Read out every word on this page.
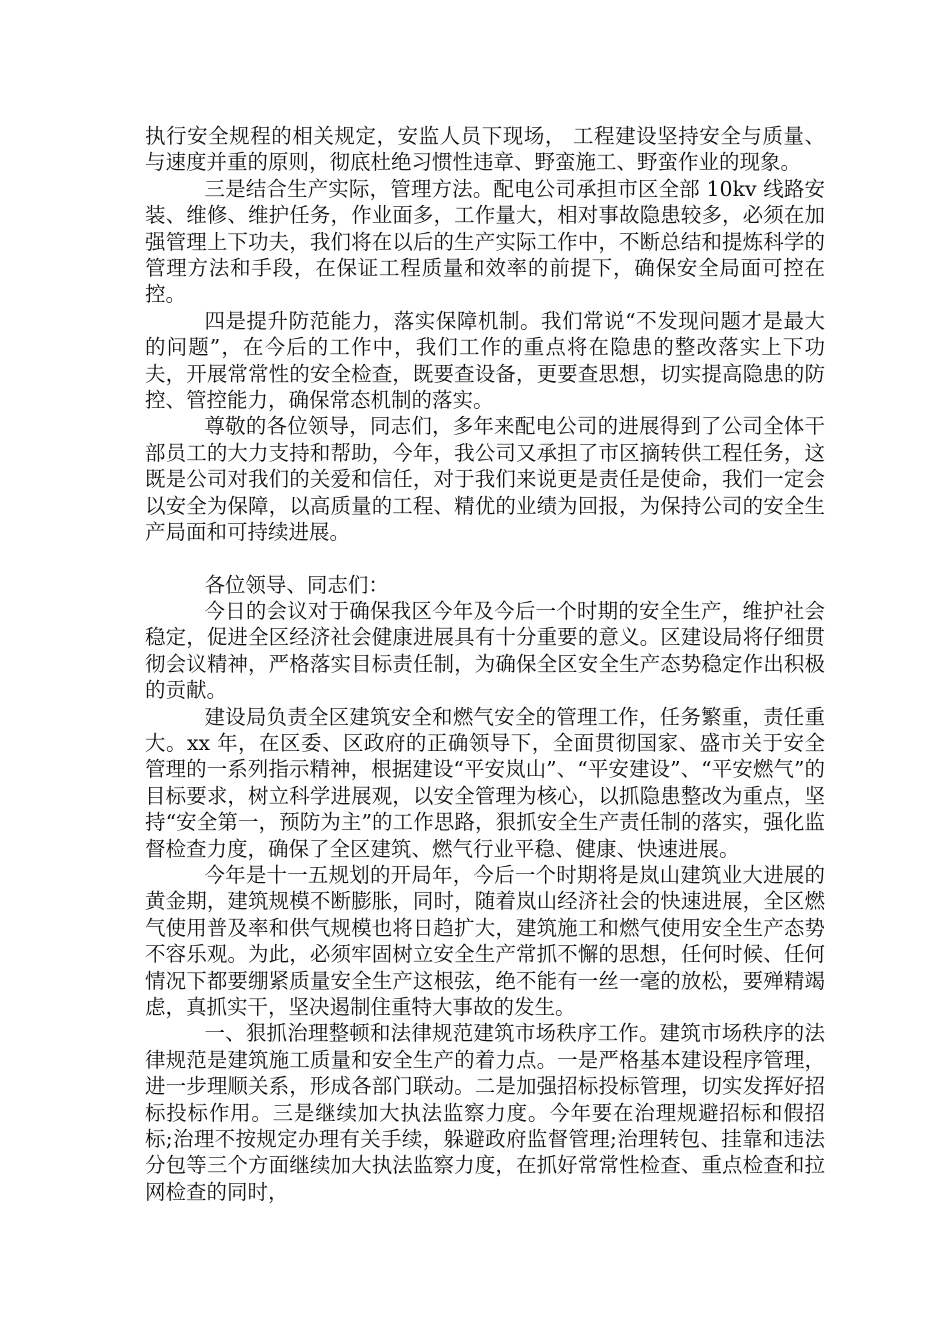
执行安全规程的相关规定，安监人员下现场， 工程建设坚持安全与质量、与速度并重的原则，彻底杜绝习惯性违章、野蛮施工、野蛮作业的现象。

三是结合生产实际，管理方法。配电公司承担市区全部 10kv 线路安装、维修、维护任务，作业面多，工作量大，相对事故隐患较多，必须在加强管理上下功夫，我们将在以后的生产实际工作中，不断总结和提炼科学的管理方法和手段，在保证工程质量和效率的前提下，确保安全局面可控在控。

四是提升防范能力，落实保障机制。我们常说“不发现问题才是最大的问题”，在今后的工作中，我们工作的重点将在隐患的整改落实上下功夫，开展常常性的安全检查，既要查设备，更要查思想，切实提高隐患的防控、管控能力，确保常态机制的落实。

尊敬的各位领导，同志们，多年来配电公司的进展得到了公司全体干部员工的大力支持和帮助，今年，我公司又承担了市区摘转供工程任务，这既是公司对我们的关爱和信任，对于我们来说更是责任是使命，我们一定会以安全为保障，以高质量的工程、精优的业绩为回报，为保持公司的安全生产局面和可持续进展。

各位领导、同志们：

今日的会议对于确保我区今年及今后一个时期的安全生产，维护社会稳定，促进全区经济社会健康进展具有十分重要的意义。区建设局将仔细贯彻会议精神，严格落实目标责任制，为确保全区安全生产态势稳定作出积极的贡献。

建设局负责全区建筑安全和燃气安全的管理工作，任务繁重，责任重大。xx 年，在区委、区政府的正确领导下，全面贯彻国家、盛市关于安全管理的一系列指示精神，根据建设“平安岚山”、“平安建设”、“平安燃气”的目标要求，树立科学进展观，以安全管理为核心，以抓隐患整改为重点，坚持“安全第一，预防为主”的工作思路，狠抓安全生产责任制的落实，强化监督检查力度，确保了全区建筑、燃气行业平稳、健康、快速进展。

今年是十一五规划的开局年，今后一个时期将是岚山建筑业大进展的黄金期，建筑规模不断膨胀，同时，随着岚山经济社会的快速进展，全区燃气使用普及率和供气规模也将日趋扩大，建筑施工和燃气使用安全生产态势不容乐观。为此，必须牢固树立安全生产常抓不懈的思想，任何时候、任何情况下都要绷紧质量安全生产这根弦，绝不能有一丝一毫的放松，要殚精竭虑，真抓实干，坚决遏制住重特大事故的发生。

一、狠抓治理整顿和法律规范建筑市场秩序工作。建筑市场秩序的法律规范是建筑施工质量和安全生产的着力点。一是严格基本建设程序管理，进一步理顺关系，形成各部门联动。二是加强招标投标管理，切实发挥好招标投标作用。三是继续加大执法监察力度。今年要在治理规避招标和假招标;治理不按规定办理有关手续，躲避政府监督管理;治理转包、挂靠和违法分包等三个方面继续加大执法监察力度，在抓好常常性检查、重点检查和拉网检查的同时，
